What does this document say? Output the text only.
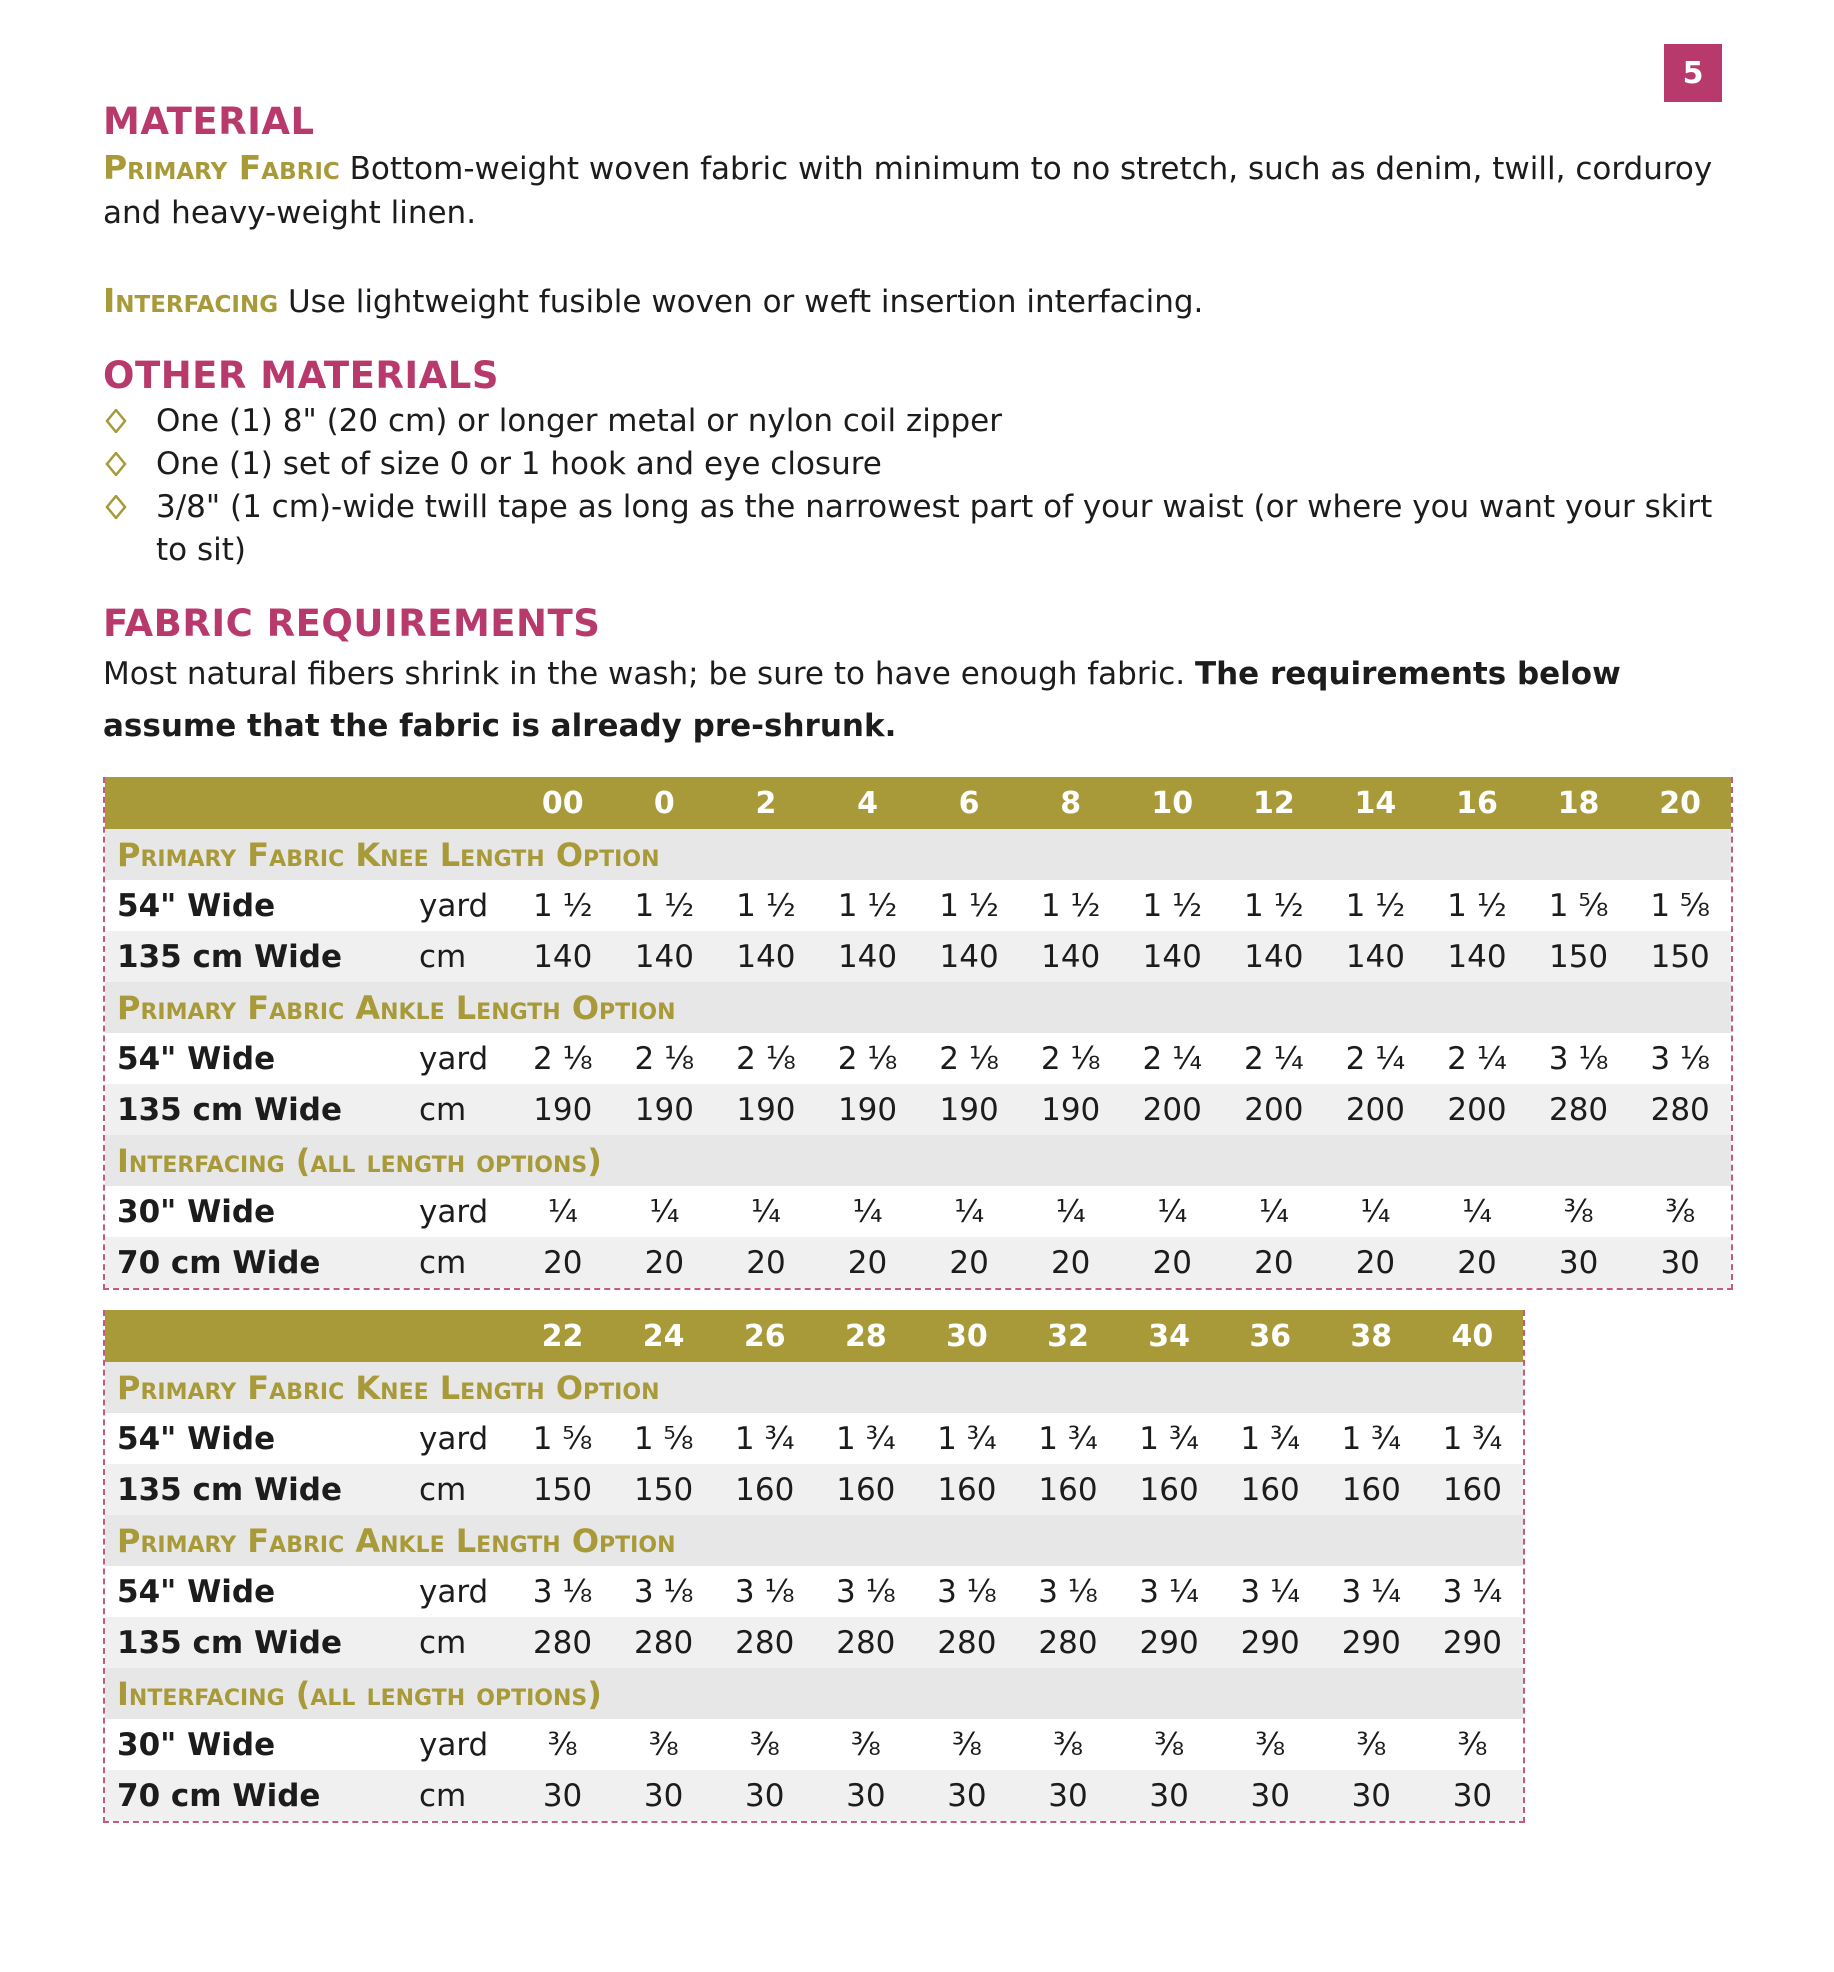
5
MATERIAL

Primary Fabric Bottom-weight woven fabric with minimum to no stretch, such as denim, twill, corduroy and heavy-weight linen.

Interfacing Use lightweight fusible woven or weft insertion interfacing.

OTHER MATERIALS
One (1) 8" (20 cm) or longer metal or nylon coil zipper
One (1) set of size 0 or 1 hook and eye closure
3/8" (1 cm)-wide twill tape as long as the narrowest part of your waist (or where you want your skirt to sit)
FABRIC REQUIREMENTS

Most natural fibers shrink in the wash; be sure to have enough fabric. The requirements below assume that the fabric is already pre-shrunk.

		00	0	2	4	6	8	10	12	14	16	18	20
Primary Fabric Knee Length Option													
54" Wide	yard	1 ½	1 ½	1 ½	1 ½	1 ½	1 ½	1 ½	1 ½	1 ½	1 ½	1 ⅝	1 ⅝
135 cm Wide	cm	140	140	140	140	140	140	140	140	140	140	150	150
Primary Fabric Ankle Length Option													
54" Wide	yard	2 ⅛	2 ⅛	2 ⅛	2 ⅛	2 ⅛	2 ⅛	2 ¼	2 ¼	2 ¼	2 ¼	3 ⅛	3 ⅛
135 cm Wide	cm	190	190	190	190	190	190	200	200	200	200	280	280
Interfacing (all length options)													
30" Wide	yard	¼	¼	¼	¼	¼	¼	¼	¼	¼	¼	⅜	⅜
70 cm Wide	cm	20	20	20	20	20	20	20	20	20	20	30	30
		22	24	26	28	30	32	34	36	38	40
Primary Fabric Knee Length Option											
54" Wide	yard	1 ⅝	1 ⅝	1 ¾	1 ¾	1 ¾	1 ¾	1 ¾	1 ¾	1 ¾	1 ¾
135 cm Wide	cm	150	150	160	160	160	160	160	160	160	160
Primary Fabric Ankle Length Option											
54" Wide	yard	3 ⅛	3 ⅛	3 ⅛	3 ⅛	3 ⅛	3 ⅛	3 ¼	3 ¼	3 ¼	3 ¼
135 cm Wide	cm	280	280	280	280	280	280	290	290	290	290
Interfacing (all length options)											
30" Wide	yard	⅜	⅜	⅜	⅜	⅜	⅜	⅜	⅜	⅜	⅜
70 cm Wide	cm	30	30	30	30	30	30	30	30	30	30
